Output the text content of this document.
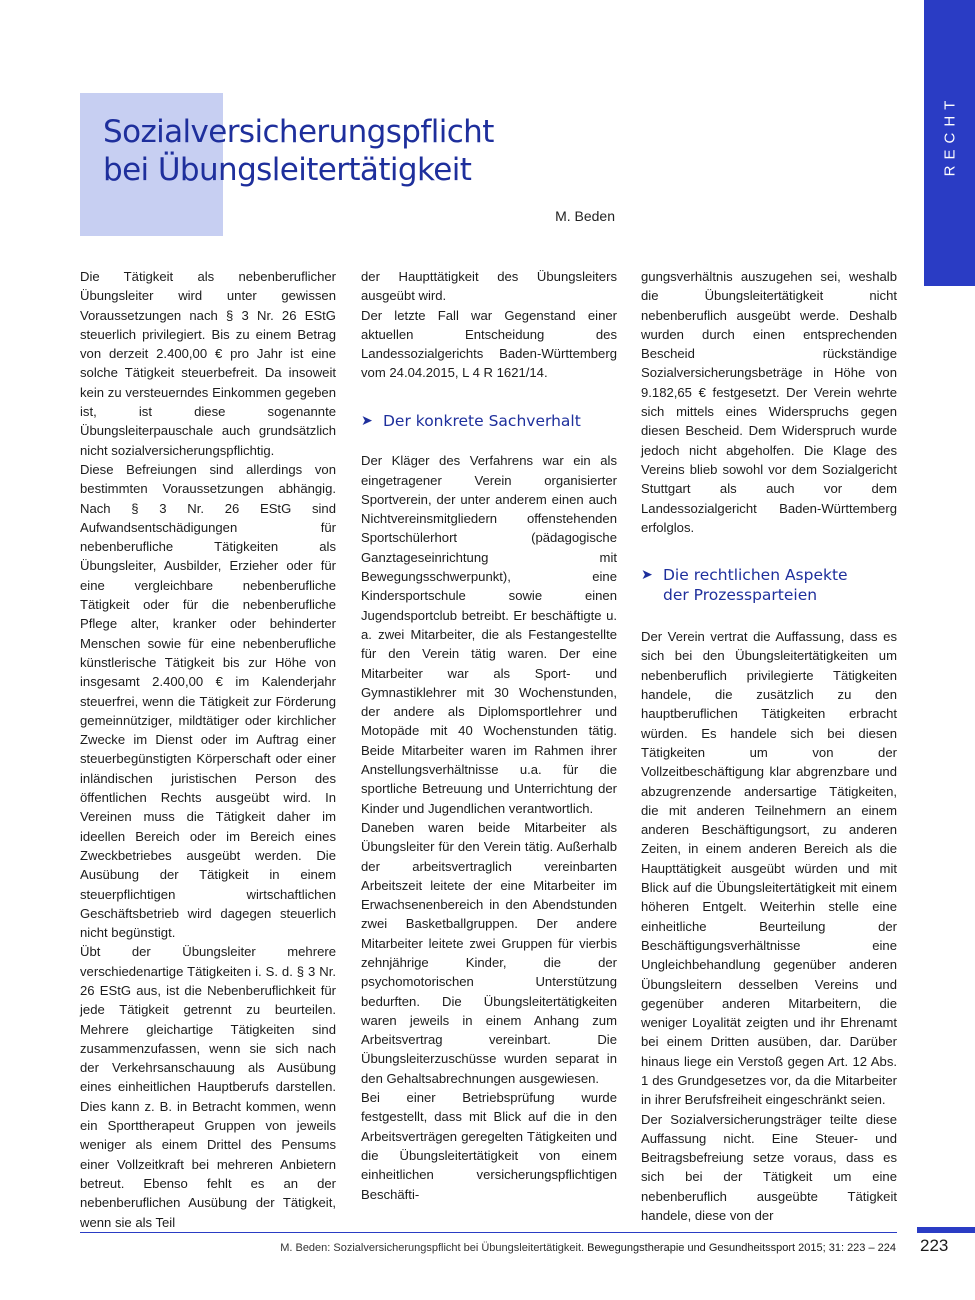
Sozialversicherungspflicht
bei Übungsleitertätigkeit
M. Beden
RECHT

Die Tätigkeit als nebenberuflicher Übungsleiter wird unter gewissen Voraussetzungen nach § 3 Nr. 26 EStG steuerlich privilegiert. Bis zu einem Betrag von derzeit 2.400,00 € pro Jahr ist eine solche Tätigkeit steuerbefreit. Da insoweit kein zu versteuerndes Einkommen gegeben ist, ist diese sogenannte Übungsleiterpauschale auch grundsätzlich nicht sozialversicherungspflichtig.

Diese Befreiungen sind allerdings von bestimmten Voraussetzungen abhängig. Nach § 3 Nr. 26 EStG sind Aufwandsentschädigungen für nebenberufliche Tätigkeiten als Übungsleiter, Ausbilder, Erzieher oder für eine vergleichbare nebenberufliche Tätigkeit oder für die nebenberufliche Pflege alter, kranker oder behinderter Menschen sowie für eine nebenberufliche künstlerische Tätigkeit bis zur Höhe von insgesamt 2.400,00 € im Kalenderjahr steuerfrei, wenn die Tätigkeit zur Förderung gemeinnütziger, mildtätiger oder kirchlicher Zwecke im Dienst oder im Auftrag einer steuerbegünstigten Körperschaft oder einer inländischen juristischen Person des öffentlichen Rechts ausgeübt wird. In Vereinen muss die Tätigkeit daher im ideellen Bereich oder im Bereich eines Zweckbetriebes ausgeübt werden. Die Ausübung der Tätigkeit in einem steuerpflichtigen wirtschaftlichen Geschäftsbetrieb wird dagegen steuerlich nicht begünstigt.

Übt der Übungsleiter mehrere verschiedenartige Tätigkeiten i. S. d. § 3 Nr. 26 EStG aus, ist die Nebenberuflichkeit für jede Tätigkeit getrennt zu beurteilen. Mehrere gleichartige Tätigkeiten sind zusammenzufassen, wenn sie sich nach der Verkehrsanschauung als Ausübung eines einheitlichen Hauptberufs darstellen. Dies kann z. B. in Betracht kommen, wenn ein Sporttherapeut Gruppen von jeweils weniger als einem Drittel des Pensums einer Vollzeitkraft bei mehreren Anbietern betreut. Ebenso fehlt es an der nebenberuflichen Ausübung der Tätigkeit, wenn sie als Teil

der Haupttätigkeit des Übungsleiters ausgeübt wird.

Der letzte Fall war Gegenstand einer aktuellen Entscheidung des Landessozialgerichts Baden-Württemberg vom 24.04.2015, L 4 R 1621/14.

➤ Der konkrete Sachverhalt

Der Kläger des Verfahrens war ein als eingetragener Verein organisierter Sportverein, der unter anderem einen auch Nichtvereinsmitgliedern offenstehenden Sportschülerhort (pädagogische Ganztageseinrichtung mit Bewegungsschwerpunkt), eine Kindersportschule sowie einen Jugendsportclub betreibt. Er beschäftigte u. a. zwei Mitarbeiter, die als Festangestellte für den Verein tätig waren. Der eine Mitarbeiter war als Sport- und Gymnastiklehrer mit 30 Wochenstunden, der andere als Diplomsportlehrer und Motopäde mit 40 Wochenstunden tätig. Beide Mitarbeiter waren im Rahmen ihrer Anstellungsverhältnisse u.a. für die sportliche Betreuung und Unterrichtung der Kinder und Jugendlichen verantwortlich.

Daneben waren beide Mitarbeiter als Übungsleiter für den Verein tätig. Außerhalb der arbeitsvertraglich vereinbarten Arbeitszeit leitete der eine Mitarbeiter im Erwachsenenbereich in den Abendstunden zwei Basketballgruppen. Der andere Mitarbeiter leitete zwei Gruppen für vierbis zehnjährige Kinder, die der psychomotorischen Unterstützung bedurften. Die Übungsleitertätigkeiten waren jeweils in einem Anhang zum Arbeitsvertrag vereinbart. Die Übungsleiterzuschüsse wurden separat in den Gehaltsabrechnungen ausgewiesen.

Bei einer Betriebsprüfung wurde festgestellt, dass mit Blick auf die in den Arbeitsverträgen geregelten Tätigkeiten und die Übungsleitertätigkeit von einem einheitlichen versicherungspflichtigen Beschäfti-

gungsverhältnis auszugehen sei, weshalb die Übungsleitertätigkeit nicht nebenberuflich ausgeübt werde. Deshalb wurden durch einen entsprechenden Bescheid rückständige Sozialversicherungsbeträge in Höhe von 9.182,65 € festgesetzt. Der Verein wehrte sich mittels eines Widerspruchs gegen diesen Bescheid. Dem Widerspruch wurde jedoch nicht abgeholfen. Die Klage des Vereins blieb sowohl vor dem Sozialgericht Stuttgart als auch vor dem Landessozialgericht Baden-Württemberg erfolglos.

➤ Die rechtlichen Aspekte
der Prozessparteien

Der Verein vertrat die Auffassung, dass es sich bei den Übungsleitertätigkeiten um nebenberuflich privilegierte Tätigkeiten handele, die zusätzlich zu den hauptberuflichen Tätigkeiten erbracht würden. Es handele sich bei diesen Tätigkeiten um von der Vollzeitbeschäftigung klar abgrenzbare und abzugrenzende andersartige Tätigkeiten, die mit anderen Teilnehmern an einem anderen Beschäftigungsort, zu anderen Zeiten, in einem anderen Bereich als die Haupttätigkeit ausgeübt würden und mit Blick auf die Übungsleitertätigkeit mit einem höheren Entgelt. Weiterhin stelle eine einheitliche Beurteilung der Beschäftigungsverhältnisse eine Ungleichbehandlung gegenüber anderen Übungsleitern desselben Vereins und gegenüber anderen Mitarbeitern, die weniger Loyalität zeigten und ihr Ehrenamt bei einem Dritten ausüben, dar. Darüber hinaus liege ein Verstoß gegen Art. 12 Abs. 1 des Grundgesetzes vor, da die Mitarbeiter in ihrer Berufsfreiheit eingeschränkt seien.

Der Sozialversicherungsträger teilte diese Auffassung nicht. Eine Steuer- und Beitragsbefreiung setze voraus, dass es sich bei der Tätigkeit um eine nebenberuflich ausgeübte Tätigkeit handele, diese von der

M. Beden: Sozialversicherungspflicht bei Übungsleitertätigkeit. Bewegungstherapie und Gesundheitssport 2015; 31: 223 – 224 223
